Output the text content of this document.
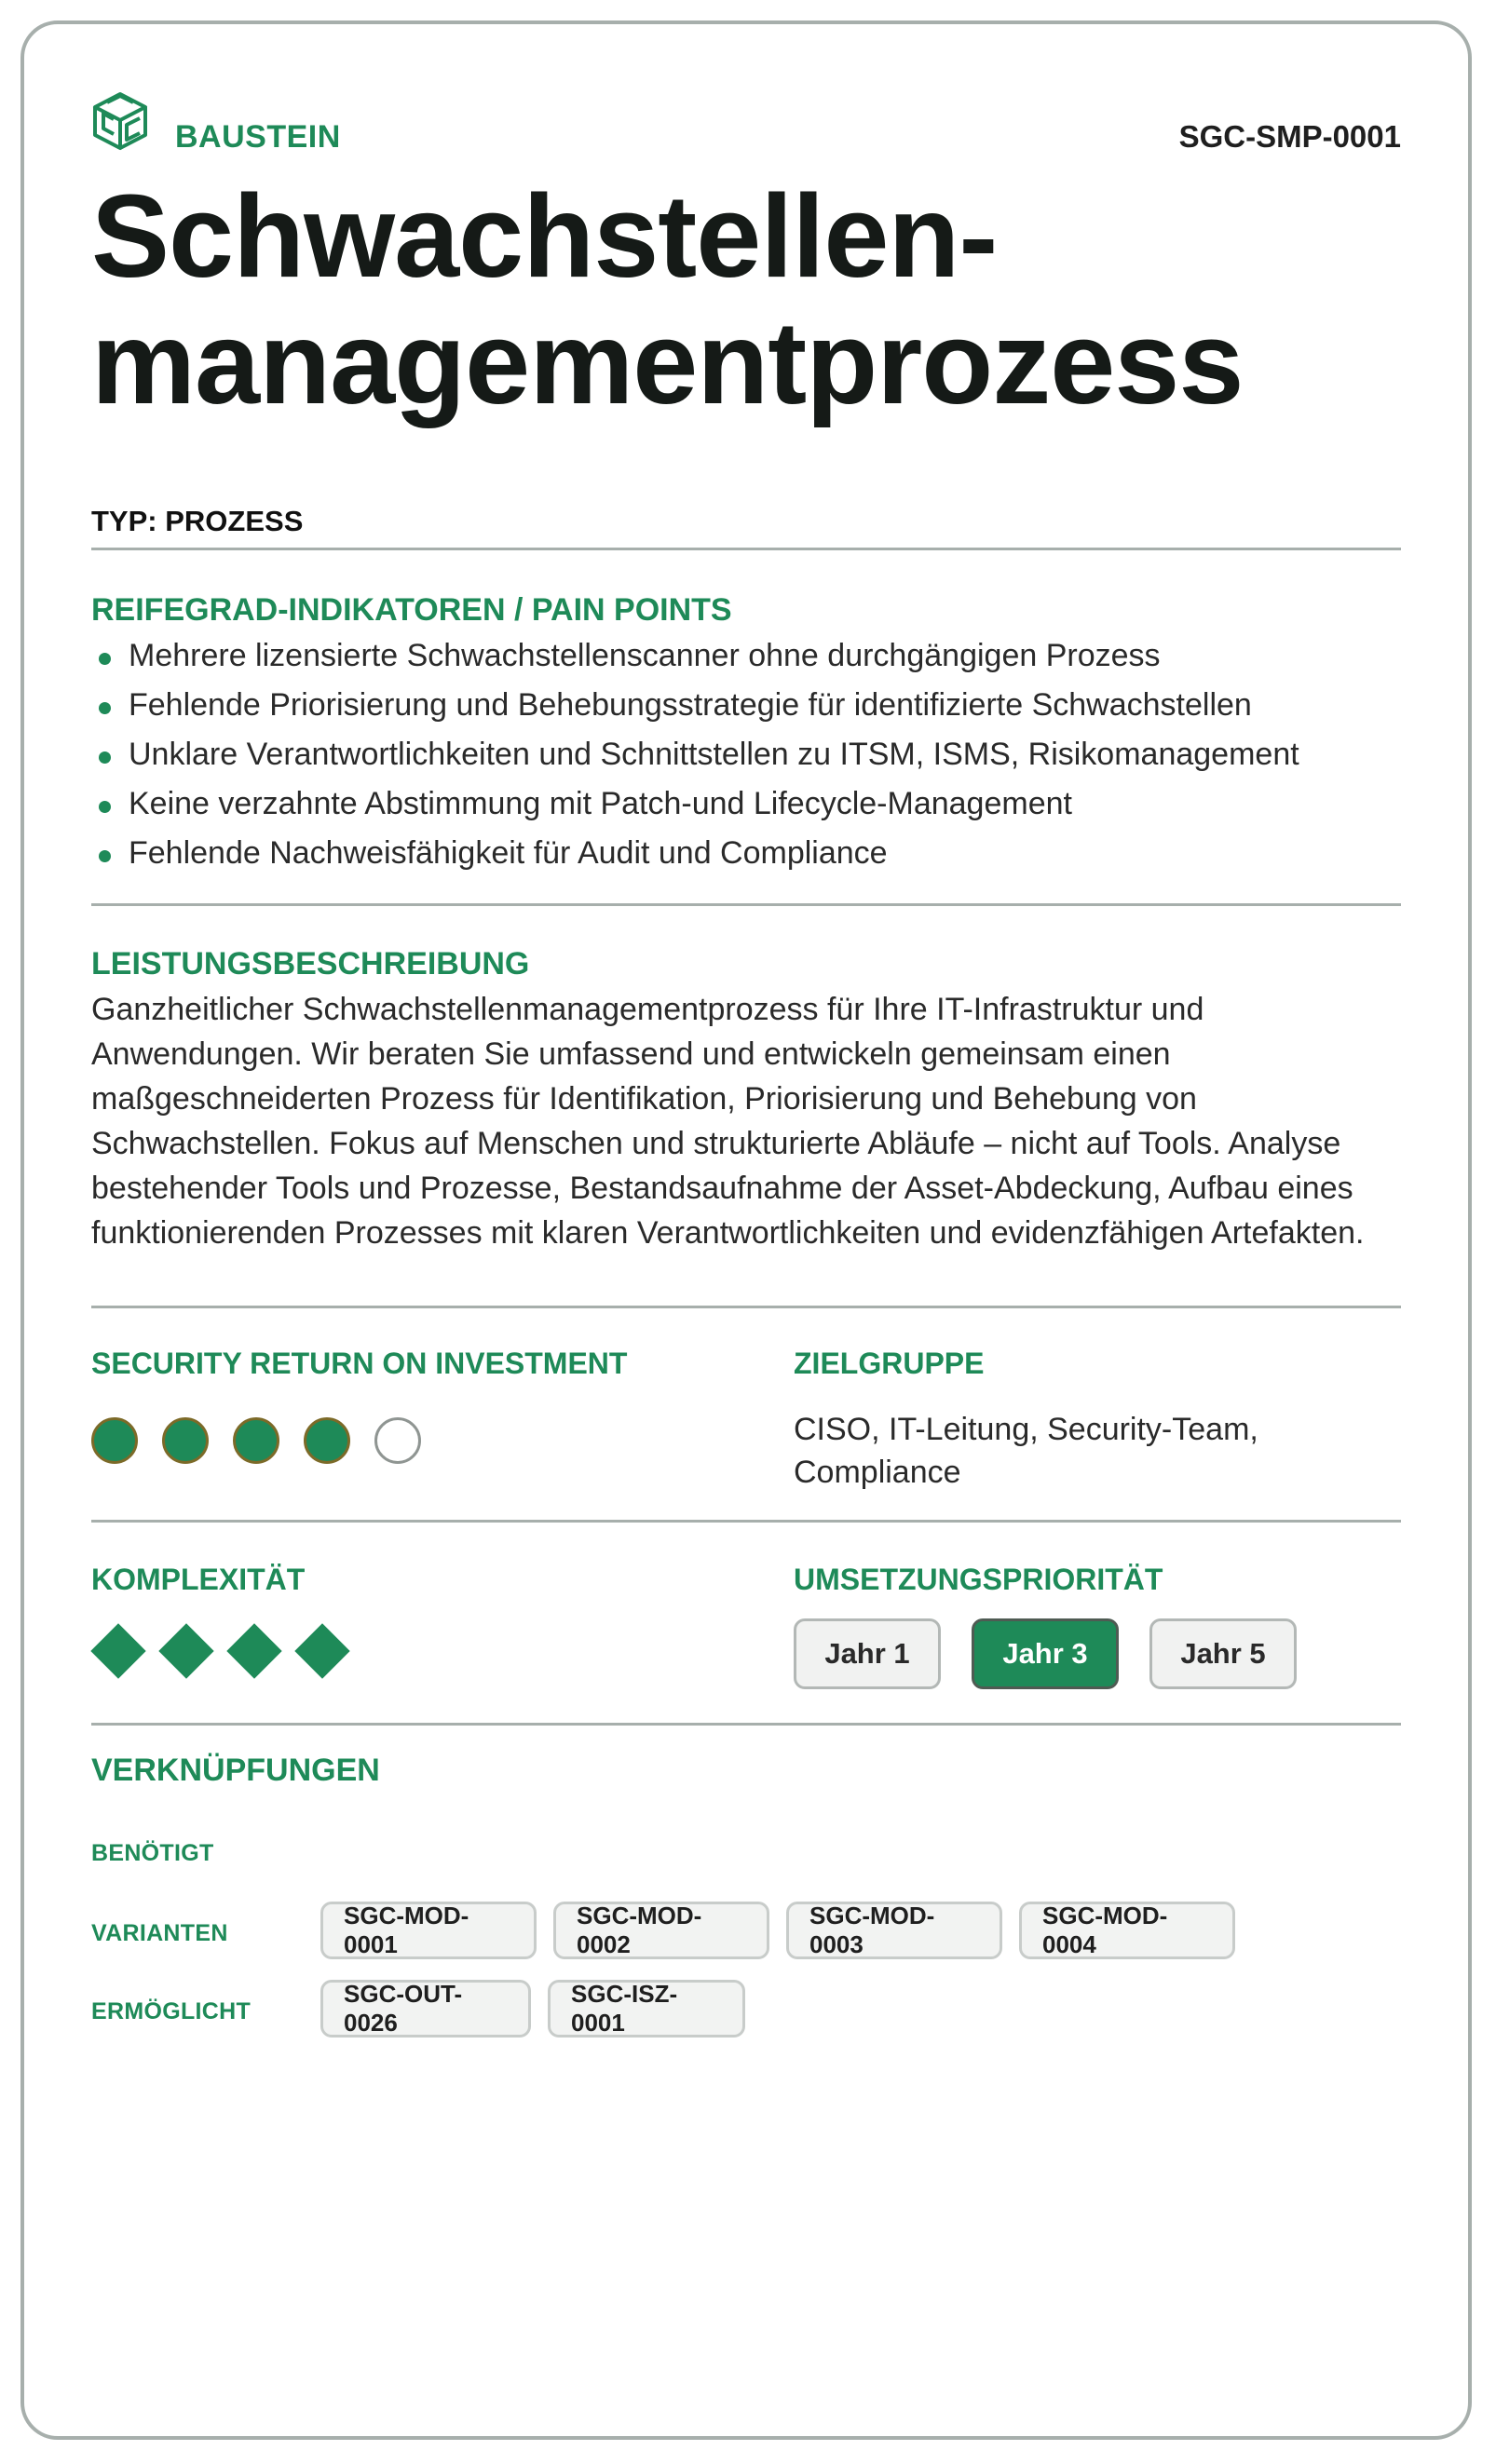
BAUSTEIN	SGC-SMP-0001
Schwachstellen-
managementprozess
TYP: PROZESS
REIFEGRAD-INDIKATOREN / PAIN POINTS
Mehrere lizensierte Schwachstellenscanner ohne durchgängigen Prozess
Fehlende Priorisierung und Behebungsstrategie für identifizierte Schwachstellen
Unklare Verantwortlichkeiten und Schnittstellen zu ITSM, ISMS, Risikomanagement
Keine verzahnte Abstimmung mit Patch-und Lifecycle-Management
Fehlende Nachweisfähigkeit für Audit und Compliance
LEISTUNGSBESCHREIBUNG
Ganzheitlicher Schwachstellenmanagementprozess für Ihre IT-Infrastruktur und
Anwendungen. Wir beraten Sie umfassend und entwickeln gemeinsam einen
maßgeschneiderten Prozess für Identifikation, Priorisierung und Behebung von
Schwachstellen. Fokus auf Menschen und strukturierte Abläufe – nicht auf Tools. Analyse
bestehender Tools und Prozesse, Bestandsaufnahme der Asset-Abdeckung, Aufbau eines
funktionierenden Prozesses mit klaren Verantwortlichkeiten und evidenzfähigen Artefakten.
SECURITY RETURN ON INVESTMENT	ZIELGRUPPE
CISO, IT-Leitung, Security-Team,
Compliance
KOMPLEXITÄT	UMSETZUNGSPRIORITÄT
Jahr 1	Jahr 3	Jahr 5
VERKNÜPFUNGEN
BENÖTIGT
VARIANTEN
SGC-MOD-0001
SGC-MOD-0002
SGC-MOD-0003
SGC-MOD-0004
ERMÖGLICHT
SGC-OUT-0026
SGC-ISZ-0001
